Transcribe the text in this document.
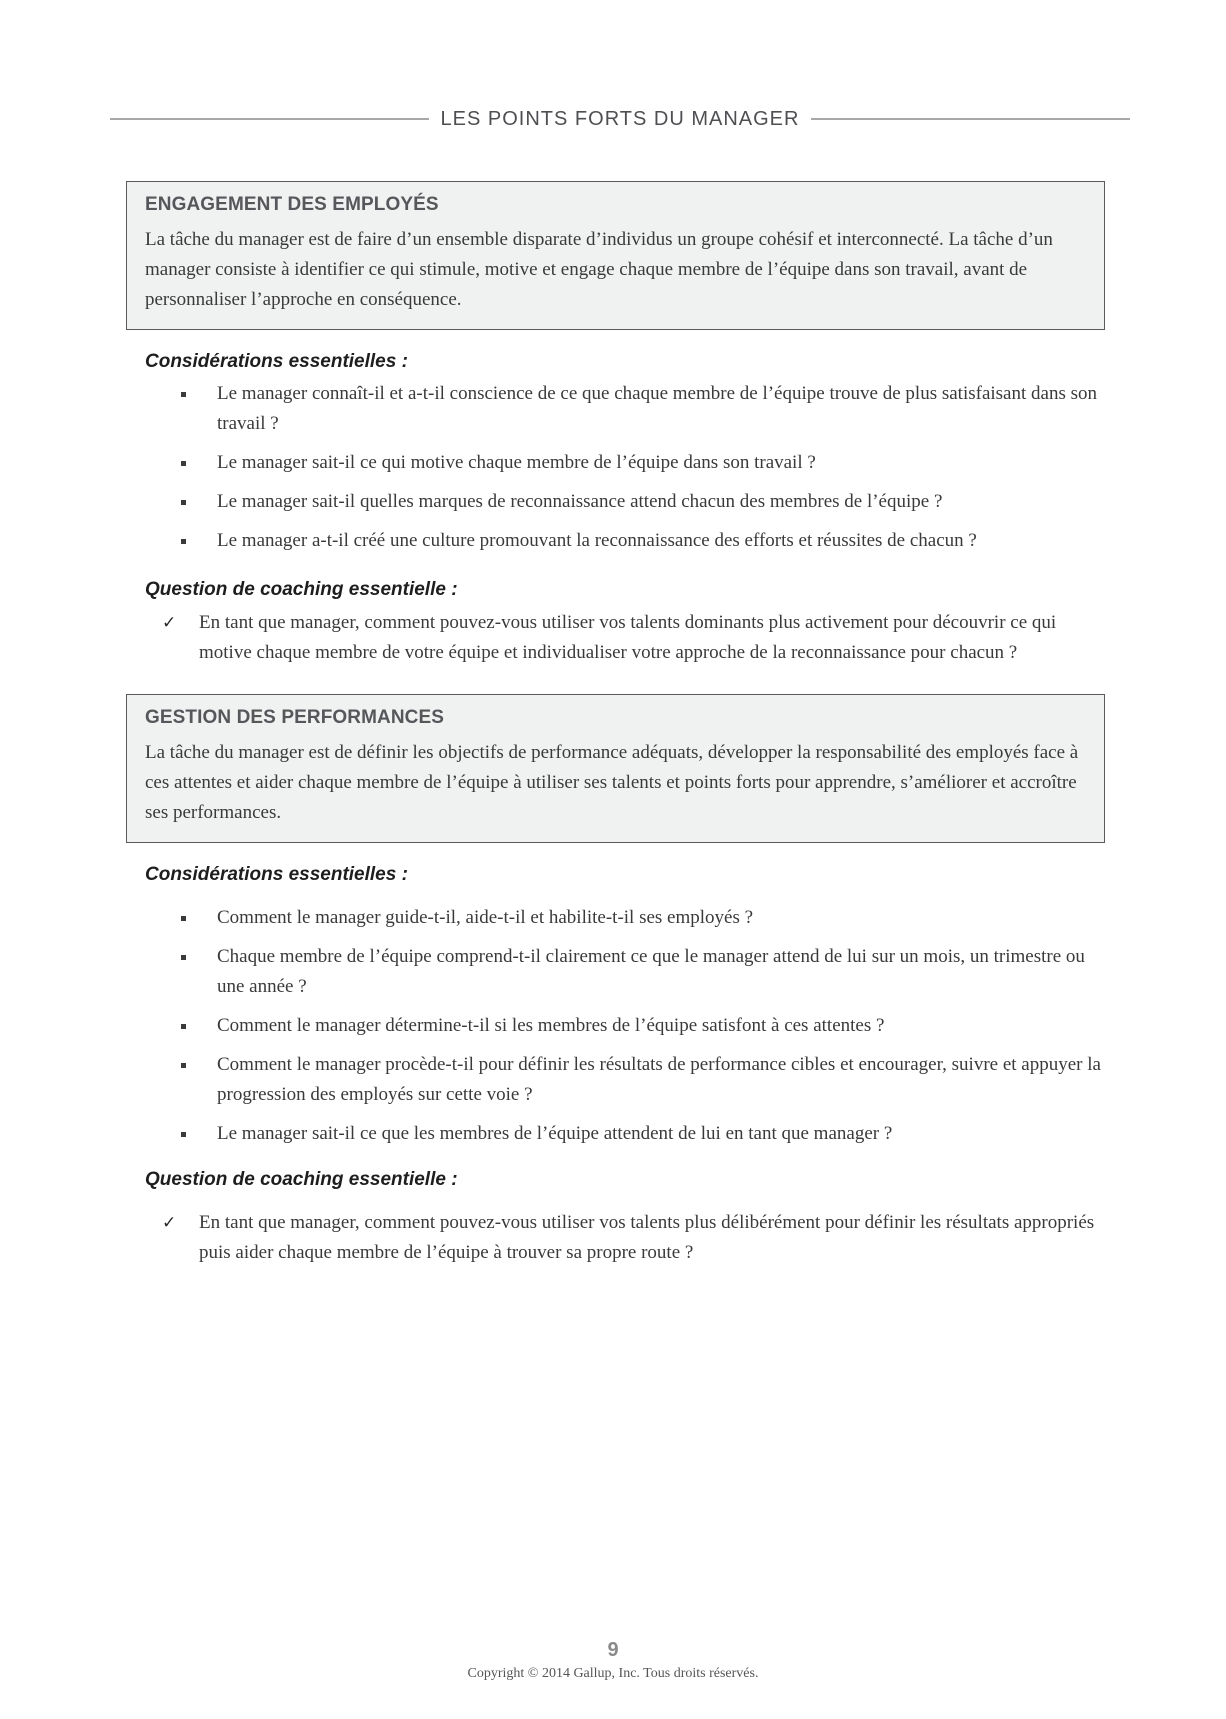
LES POINTS FORTS DU MANAGER
ENGAGEMENT DES EMPLOYÉS

La tâche du manager est de faire d’un ensemble disparate d’individus un groupe cohésif et interconnecté. La tâche d’un manager consiste à identifier ce qui stimule, motive et engage chaque membre de l’équipe dans son travail, avant de personnaliser l’approche en conséquence.

Considérations essentielles :
Le manager connaît-il et a-t-il conscience de ce que chaque membre de l’équipe trouve de plus satisfaisant dans son travail ?
Le manager sait-il ce qui motive chaque membre de l’équipe dans son travail ?
Le manager sait-il quelles marques de reconnaissance attend chacun des membres de l’équipe ?
Le manager a-t-il créé une culture promouvant la reconnaissance des efforts et réussites de chacun ?
Question de coaching essentielle :
✓ En tant que manager, comment pouvez-vous utiliser vos talents dominants plus activement pour découvrir ce qui motive chaque membre de votre équipe et individualiser votre approche de la reconnaissance pour chacun ?
GESTION DES PERFORMANCES

La tâche du manager est de définir les objectifs de performance adéquats, développer la responsabilité des employés face à ces attentes et aider chaque membre de l’équipe à utiliser ses talents et points forts pour apprendre, s’améliorer et accroître ses performances.

Considérations essentielles :
Comment le manager guide-t-il, aide-t-il et habilite-t-il ses employés ?
Chaque membre de l’équipe comprend-t-il clairement ce que le manager attend de lui sur un mois, un trimestre ou une année ?
Comment le manager détermine-t-il si les membres de l’équipe satisfont à ces attentes ?
Comment le manager procède-t-il pour définir les résultats de performance cibles et encourager, suivre et appuyer la progression des employés sur cette voie ?
Le manager sait-il ce que les membres de l’équipe attendent de lui en tant que manager ?
Question de coaching essentielle :
✓ En tant que manager, comment pouvez-vous utiliser vos talents plus délibérément pour définir les résultats appropriés puis aider chaque membre de l’équipe à trouver sa propre route ?
9
Copyright © 2014 Gallup, Inc. Tous droits réservés.
